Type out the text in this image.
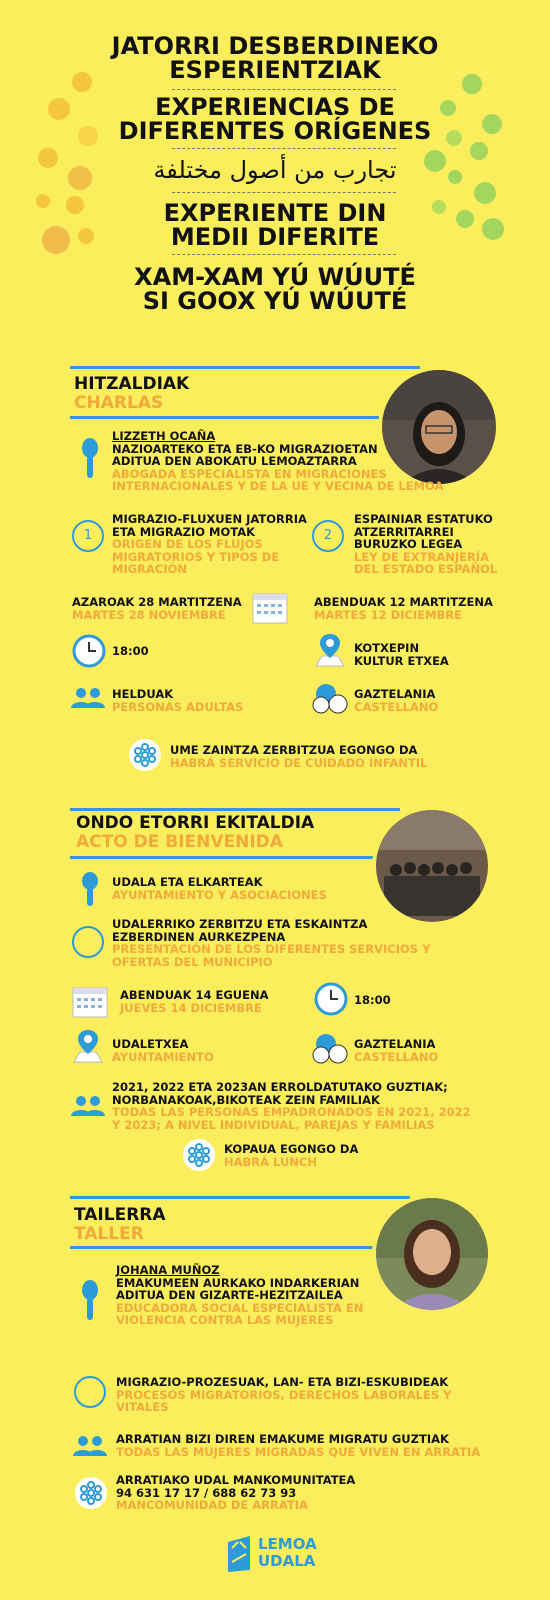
JATORRI DESBERDINEKO
ESPERIENTZIAK
EXPERIENCIAS DE
DIFERENTES ORÍGENES
تجارب من أصول مختلفة
EXPERIENTE DIN
MEDII DIFERITE
XAM-XAM YÚ WÚUTÉ
SI GOOX YÚ WÚUTÉ
HITZALDIAK
CHARLAS
LIZZETH OCAÑA
NAZIOARTEKO ETA EB-KO MIGRAZIOETAN
ADITUA DEN ABOKATU LEMOAZTARRA
ABOGADA ESPECIALISTA EN MIGRACIONES
INTERNACIONALES Y DE LA UE Y VECINA DE LEMOA
1
MIGRAZIO-FLUXUEN JATORRIA
ETA MIGRAZIO MOTAK
ORIGEN DE LOS FLUJOS
MIGRATORIOS Y TIPOS DE
MIGRACIÓN
2
ESPAINIAR ESTATUKO
ATZERRITARREI
BURUZKO LEGEA
LEY DE EXTRANJERÍA
DEL ESTADO ESPAÑOL
AZAROAK 28 MARTITZENA
MARTES 28 NOVIEMBRE
ABENDUAK 12 MARTITZENA
MARTES 12 DICIEMBRE
18:00	KOTXEPIN
KULTUR ETXEA
HELDUAK
PERSONAS ADULTAS
GAZTELANIA
CASTELLANO
UME ZAINTZA ZERBITZUA EGONGO DA
HABRÁ SERVICIO DE CUIDADO INFANTIL
ONDO ETORRI EKITALDIA
ACTO DE BIENVENIDA
UDALA ETA ELKARTEAK
AYUNTAMIENTO Y ASOCIACIONES
UDALERRIKO ZERBITZU ETA ESKAINTZA
EZBERDINEN AURKEZPENA
PRESENTACIÓN DE LOS DIFERENTES SERVICIOS Y
OFERTAS DEL MUNICIPIO
ABENDUAK 14 EGUENA
JUEVES 14 DICIEMBRE
18:00
UDALETXEA
AYUNTAMIENTO
GAZTELANIA
CASTELLANO
2021, 2022 ETA 2023AN ERROLDATUTAKO GUZTIAK;
NORBANAKOAK,BIKOTEAK ZEIN FAMILIAK
TODAS LAS PERSONAS EMPADRONADOS EN 2021, 2022
Y 2023; A NIVEL INDIVIDUAL, PAREJAS Y FAMILIAS
KOPAUA EGONGO DA
HABRÁ LUNCH
TAILERRA
TALLER
JOHANA MUÑOZ
EMAKUMEEN AURKAKO INDARKERIAN
ADITUA DEN GIZARTE-HEZITZAILEA
EDUCADORA SOCIAL ESPECIALISTA EN
VIOLENCIA CONTRA LAS MUJERES
MIGRAZIO-PROZESUAK, LAN- ETA BIZI-ESKUBIDEAK
PROCESOS MIGRATORIOS, DERECHOS LABORALES Y
VITALES
ARRATIAN BIZI DIREN EMAKUME MIGRATU GUZTIAK
TODAS LAS MUJERES MIGRADAS QUE VIVEN EN ARRATIA
ARRATIAKO UDAL MANKOMUNITATEA
94 631 17 17 / 688 62 73 93
MANCOMUNIDAD DE ARRATIA
LEMOA
UDALA
